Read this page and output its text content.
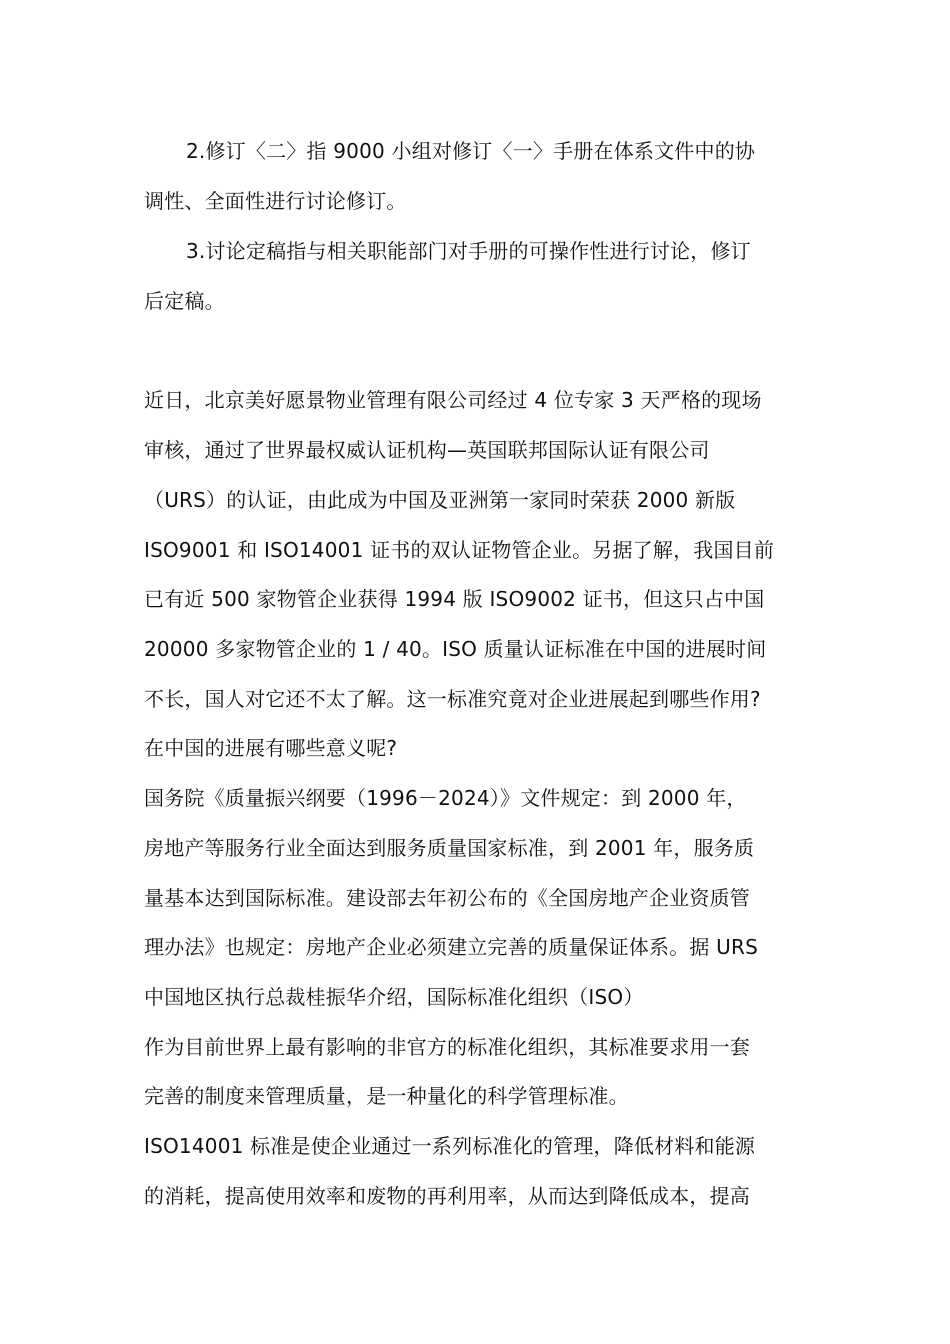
2.修订〈二〉指 9000 小组对修订〈一〉手册在体系文件中的协
调性、全面性进行讨论修订。
3.讨论定稿指与相关职能部门对手册的可操作性进行讨论，修订
后定稿。
近日，北京美好愿景物业管理有限公司经过 4 位专家 3 天严格的现场
审核，通过了世界最权威认证机构—英国联邦国际认证有限公司
（URS）的认证，由此成为中国及亚洲第一家同时荣获 2000 新版
ISO9001 和 ISO14001 证书的双认证物管企业。另据了解，我国目前
已有近 500 家物管企业获得 1994 版 ISO9002 证书，但这只占中国
20000 多家物管企业的 1 / 40。ISO 质量认证标准在中国的进展时间
不长，国人对它还不太了解。这一标准究竟对企业进展起到哪些作用?
在中国的进展有哪些意义呢?
国务院《质量振兴纲要（1996－2024）》文件规定：到 2000 年，
房地产等服务行业全面达到服务质量国家标准，到 2001 年，服务质
量基本达到国际标准。建设部去年初公布的《全国房地产企业资质管
理办法》也规定：房地产企业必须建立完善的质量保证体系。据 URS
中国地区执行总裁桂振华介绍，国际标准化组织（ISO）
作为目前世界上最有影响的非官方的标准化组织，其标准要求用一套
完善的制度来管理质量，是一种量化的科学管理标准。
ISO14001 标准是使企业通过一系列标准化的管理，降低材料和能源
的消耗，提高使用效率和废物的再利用率，从而达到降低成本，提高
